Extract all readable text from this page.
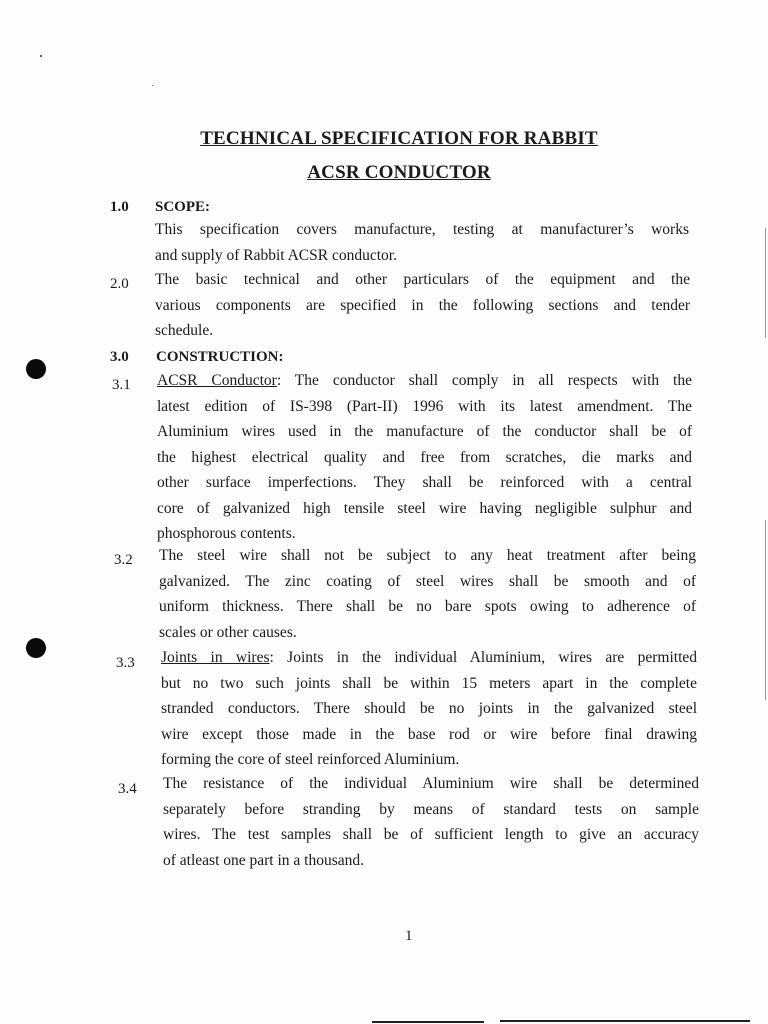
TECHNICAL SPECIFICATION FOR RABBIT
ACSR CONDUCTOR
1.0	SCOPE:
This specification covers manufacture, testing at manufacturer’s works
and supply of Rabbit ACSR conductor.
2.0	The basic technical and other particulars of the equipment and the
various components are specified in the following sections and tender
schedule.
3.0	CONSTRUCTION:
3.1	ACSR Conductor: The conductor shall comply in all respects with the
latest edition of IS-398 (Part-II) 1996 with its latest amendment. The
Aluminium wires used in the manufacture of the conductor shall be of
the highest electrical quality and free from scratches, die marks and
other surface imperfections. They shall be reinforced with a central
core of galvanized high tensile steel wire having negligible sulphur and
phosphorous contents.
3.2	The steel wire shall not be subject to any heat treatment after being
galvanized. The zinc coating of steel wires shall be smooth and of
uniform thickness. There shall be no bare spots owing to adherence of
scales or other causes.
3.3	Joints in wires: Joints in the individual Aluminium, wires are permitted
but no two such joints shall be within 15 meters apart in the complete
stranded conductors. There should be no joints in the galvanized steel
wire except those made in the base rod or wire before final drawing
forming the core of steel reinforced Aluminium.
3.4	The resistance of the individual Aluminium wire shall be determined
separately before stranding by means of standard tests on sample
wires. The test samples shall be of sufficient length to give an accuracy
of atleast one part in a thousand.
1
